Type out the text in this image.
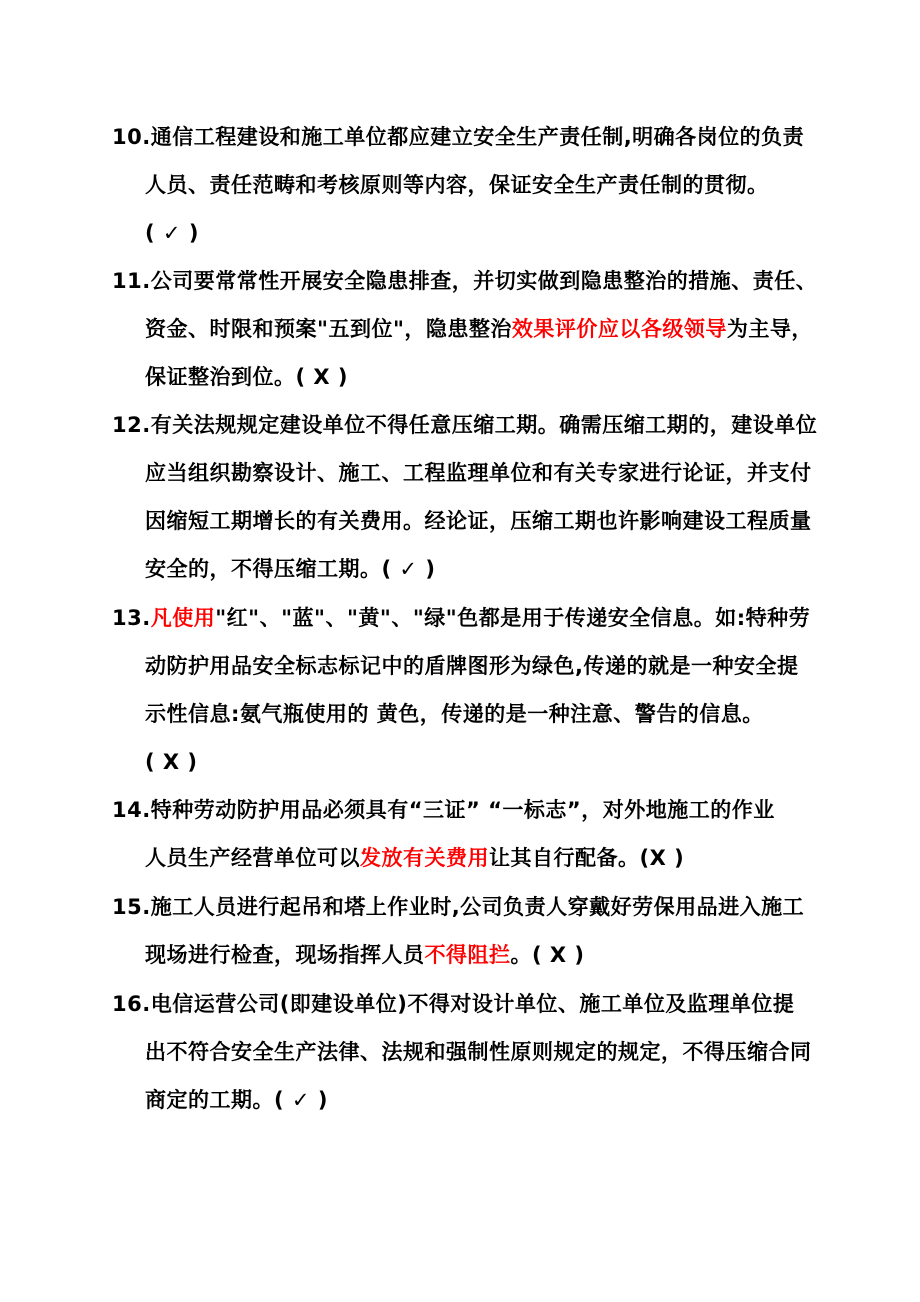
10.通信工程建设和施工单位都应建立安全生产责任制,明确各岗位的负责
人员、责任范畴和考核原则等内容，保证安全生产责任制的贯彻。
( ✓ )
11.公司要常常性开展安全隐患排查，并切实做到隐患整治的措施、责任、
资金、时限和预案"五到位"，隐患整治效果评价应以各级领导为主导，
保证整治到位。( X )
12.有关法规规定建设单位不得任意压缩工期。确需压缩工期的，建设单位
应当组织勘察设计、施工、工程监理单位和有关专家进行论证，并支付
因缩短工期增长的有关费用。经论证，压缩工期也许影响建设工程质量
安全的，不得压缩工期。( ✓ )
13.凡使用"红"、"蓝"、"黄"、"绿"色都是用于传递安全信息。如:特种劳
动防护用品安全标志标记中的盾牌图形为绿色,传递的就是一种安全提
示性信息:氨气瓶使用的 黄色，传递的是一种注意、警告的信息。
( X )
14.特种劳动防护用品必须具有“三证” “一标志”，对外地施工的作业
人员生产经营单位可以发放有关费用让其自行配备。(X )
15.施工人员进行起吊和塔上作业时,公司负责人穿戴好劳保用品进入施工
现场进行检查，现场指挥人员不得阻拦。( X )
16.电信运营公司(即建设单位)不得对设计单位、施工单位及监理单位提
出不符合安全生产法律、法规和强制性原则规定的规定，不得压缩合同
商定的工期。( ✓ )
